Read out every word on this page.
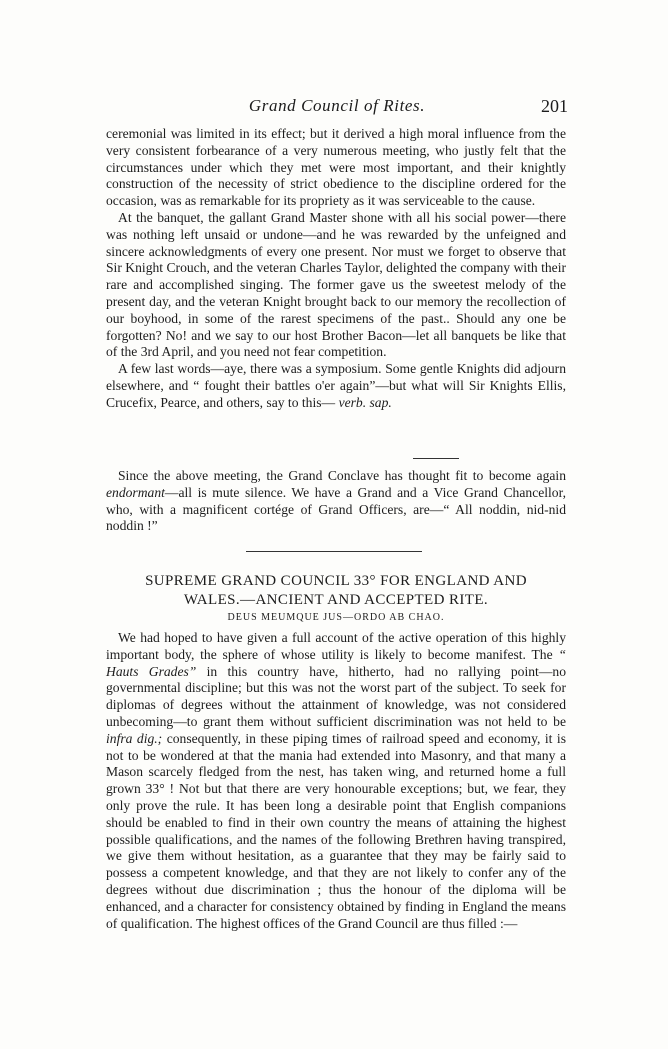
Grand Council of Rites.	201

ceremonial was limited in its effect; but it derived a high moral influence from the very consistent forbearance of a very numerous meeting, who justly felt that the circumstances under which they met were most important, and their knightly construction of the necessity of strict obedience to the discipline ordered for the occasion, was as remarkable for its propriety as it was serviceable to the cause.

At the banquet, the gallant Grand Master shone with all his social power—there was nothing left unsaid or undone—and he was rewarded by the unfeigned and sincere acknowledgments of every one present. Nor must we forget to observe that Sir Knight Crouch, and the veteran Charles Taylor, delighted the company with their rare and accomplished singing. The former gave us the sweetest melody of the present day, and the veteran Knight brought back to our memory the recollection of our boyhood, in some of the rarest specimens of the past.. Should any one be forgotten? No! and we say to our host Brother Bacon—let all banquets be like that of the 3rd April, and you need not fear competition.

A few last words—aye, there was a symposium. Some gentle Knights did adjourn elsewhere, and “ fought their battles o'er again”—but what will Sir Knights Ellis, Crucefix, Pearce, and others, say to this— verb. sap.

Since the above meeting, the Grand Conclave has thought fit to become again endormant—all is mute silence. We have a Grand and a Vice Grand Chancellor, who, with a magnificent cortége of Grand Officers, are—“ All noddin, nid-nid noddin !”

SUPREME GRAND COUNCIL 33° FOR ENGLAND AND

WALES.—ANCIENT AND ACCEPTED RITE.

DEUS MEUMQUE JUS—ORDO AB CHAO.

We had hoped to have given a full account of the active operation of this highly important body, the sphere of whose utility is likely to become manifest. The “ Hauts Grades” in this country have, hitherto, had no rallying point—no governmental discipline; but this was not the worst part of the subject. To seek for diplomas of degrees without the attainment of knowledge, was not considered unbecoming—to grant them without sufficient discrimination was not held to be infra dig.; consequently, in these piping times of railroad speed and economy, it is not to be wondered at that the mania had extended into Masonry, and that many a Mason scarcely fledged from the nest, has taken wing, and returned home a full grown 33° ! Not but that there are very honourable exceptions; but, we fear, they only prove the rule. It has been long a desirable point that English companions should be enabled to find in their own country the means of attaining the highest possible qualifications, and the names of the following Brethren having transpired, we give them without hesitation, as a guarantee that they may be fairly said to possess a competent knowledge, and that they are not likely to confer any of the degrees without due discrimination ; thus the honour of the diploma will be enhanced, and a character for consistency obtained by finding in England the means of qualification. The highest offices of the Grand Council are thus filled :—
